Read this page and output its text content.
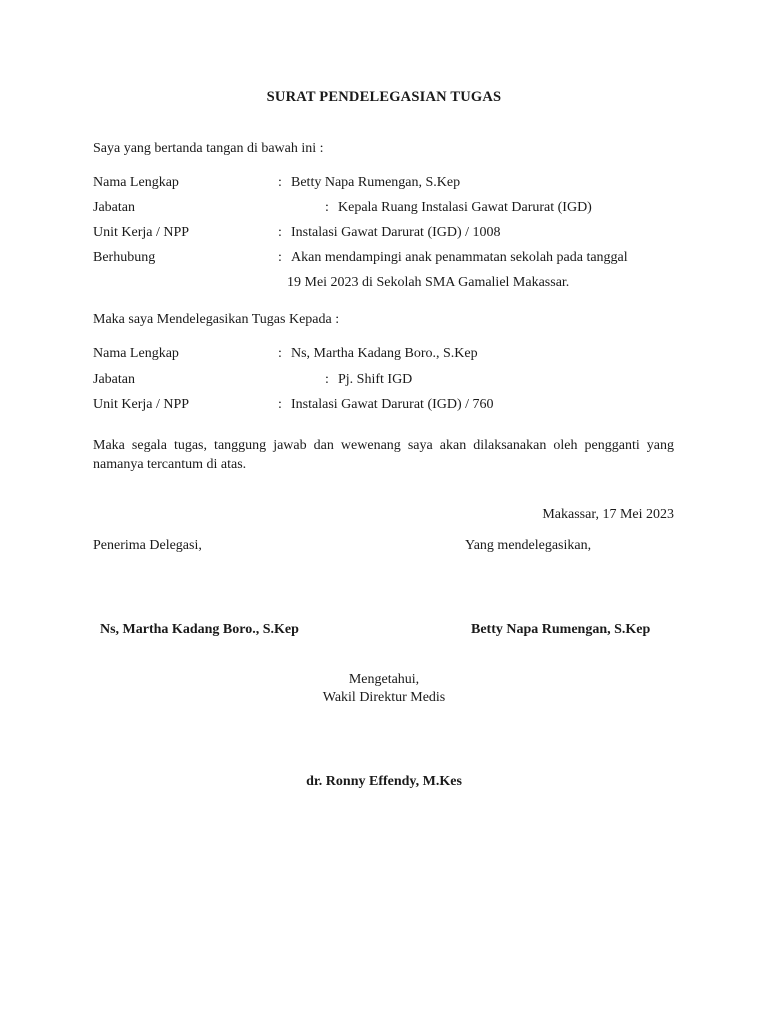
SURAT PENDELEGASIAN TUGAS
Saya yang bertanda tangan di bawah ini :
Nama Lengkap	: Betty Napa Rumengan, S.Kep
Jabatan	: Kepala Ruang Instalasi Gawat Darurat (IGD)
Unit Kerja / NPP	: Instalasi Gawat Darurat (IGD) / 1008
Berhubung	: Akan mendampingi anak penammatan sekolah pada tanggal
19 Mei 2023 di Sekolah SMA Gamaliel Makassar.
Maka saya Mendelegasikan Tugas Kepada :
Nama Lengkap	: Ns, Martha Kadang Boro., S.Kep
Jabatan	: Pj. Shift IGD
Unit Kerja / NPP	: Instalasi Gawat Darurat (IGD) / 760
Maka segala tugas, tanggung jawab dan wewenang saya akan dilaksanakan oleh pengganti yang namanya tercantum di atas.
Makassar, 17 Mei 2023
Penerima Delegasi,	Yang mendelegasikan,
Ns, Martha Kadang Boro., S.Kep	Betty Napa Rumengan, S.Kep
Mengetahui,
Wakil Direktur Medis
dr. Ronny Effendy, M.Kes
